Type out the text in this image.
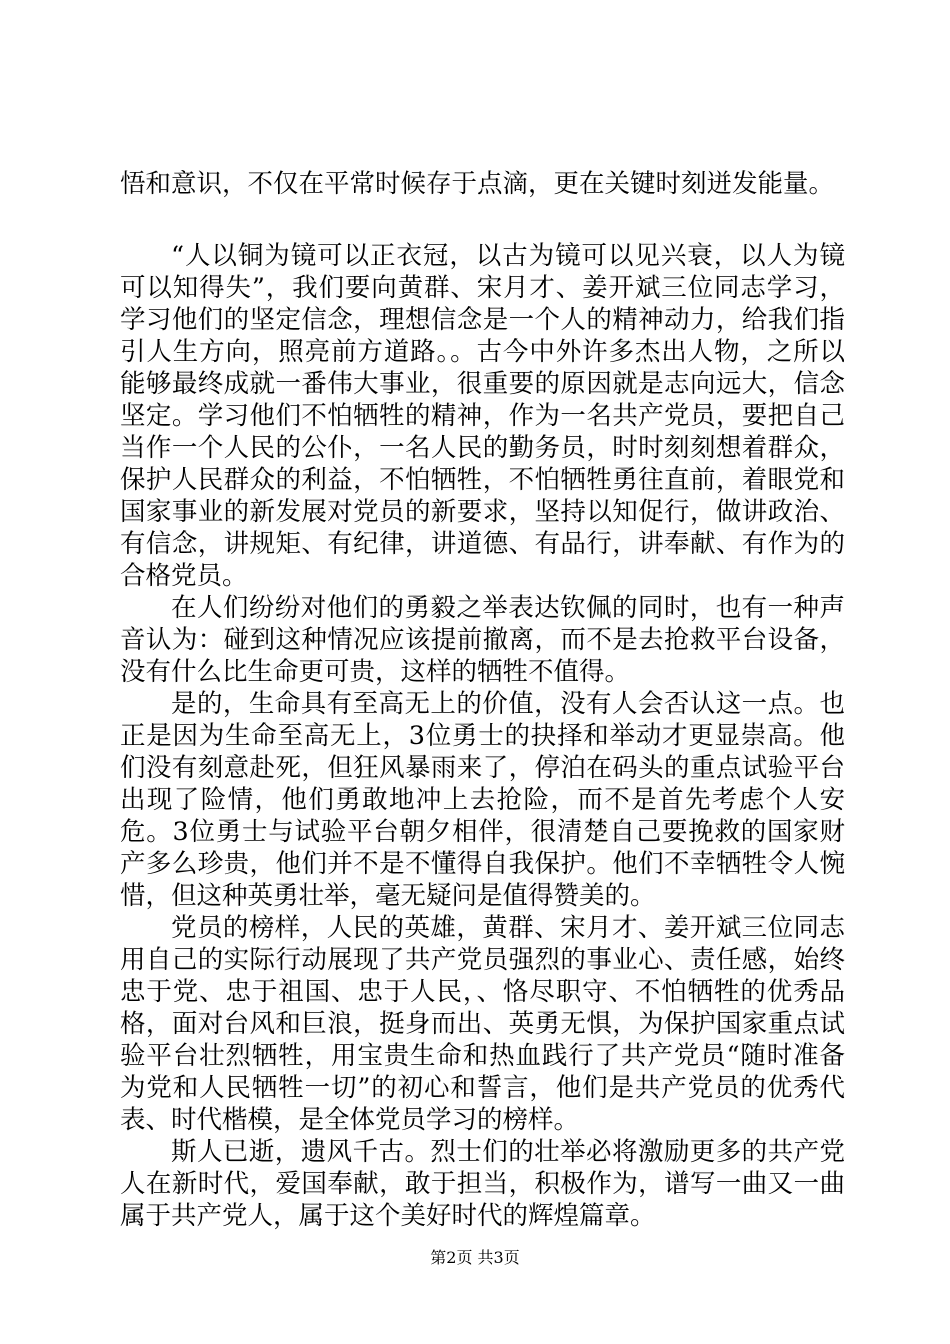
悟和意识，不仅在平常时候存于点滴，更在关键时刻迸发能量。

“人以铜为镜可以正衣冠，以古为镜可以见兴衰，以人为镜可以知得失”，我们要向黄群、宋月才、姜开斌三位同志学习，学习他们的坚定信念，理想信念是一个人的精神动力，给我们指引人生方向，照亮前方道路。。古今中外许多杰出人物，之所以能够最终成就一番伟大事业，很重要的原因就是志向远大，信念坚定。学习他们不怕牺牲的精神，作为一名共产党员，要把自己当作一个人民的公仆，一名人民的勤务员，时时刻刻想着群众，保护人民群众的利益，不怕牺牲，不怕牺牲勇往直前，着眼党和国家事业的新发展对党员的新要求，坚持以知促行，做讲政治、有信念，讲规矩、有纪律，讲道德、有品行，讲奉献、有作为的合格党员。

在人们纷纷对他们的勇毅之举表达钦佩的同时，也有一种声音认为：碰到这种情况应该提前撤离，而不是去抢救平台设备，没有什么比生命更可贵，这样的牺牲不值得。

是的，生命具有至高无上的价值，没有人会否认这一点。也正是因为生命至高无上，3位勇士的抉择和举动才更显崇高。他们没有刻意赴死，但狂风暴雨来了，停泊在码头的重点试验平台出现了险情，他们勇敢地冲上去抢险，而不是首先考虑个人安危。3位勇士与试验平台朝夕相伴，很清楚自己要挽救的国家财产多么珍贵，他们并不是不懂得自我保护。他们不幸牺牲令人惋惜，但这种英勇壮举，毫无疑问是值得赞美的。

党员的榜样，人民的英雄，黄群、宋月才、姜开斌三位同志用自己的实际行动展现了共产党员强烈的事业心、责任感，始终忠于党、忠于祖国、忠于人民，、恪尽职守、不怕牺牲的优秀品格，面对台风和巨浪，挺身而出、英勇无惧，为保护国家重点试验平台壮烈牺牲，用宝贵生命和热血践行了共产党员“随时准备为党和人民牺牲一切”的初心和誓言，他们是共产党员的优秀代表、时代楷模，是全体党员学习的榜样。

斯人已逝，遗风千古。烈士们的壮举必将激励更多的共产党人在新时代，爱国奉献，敢于担当，积极作为，谱写一曲又一曲属于共产党人，属于这个美好时代的辉煌篇章。

第2页 共3页
